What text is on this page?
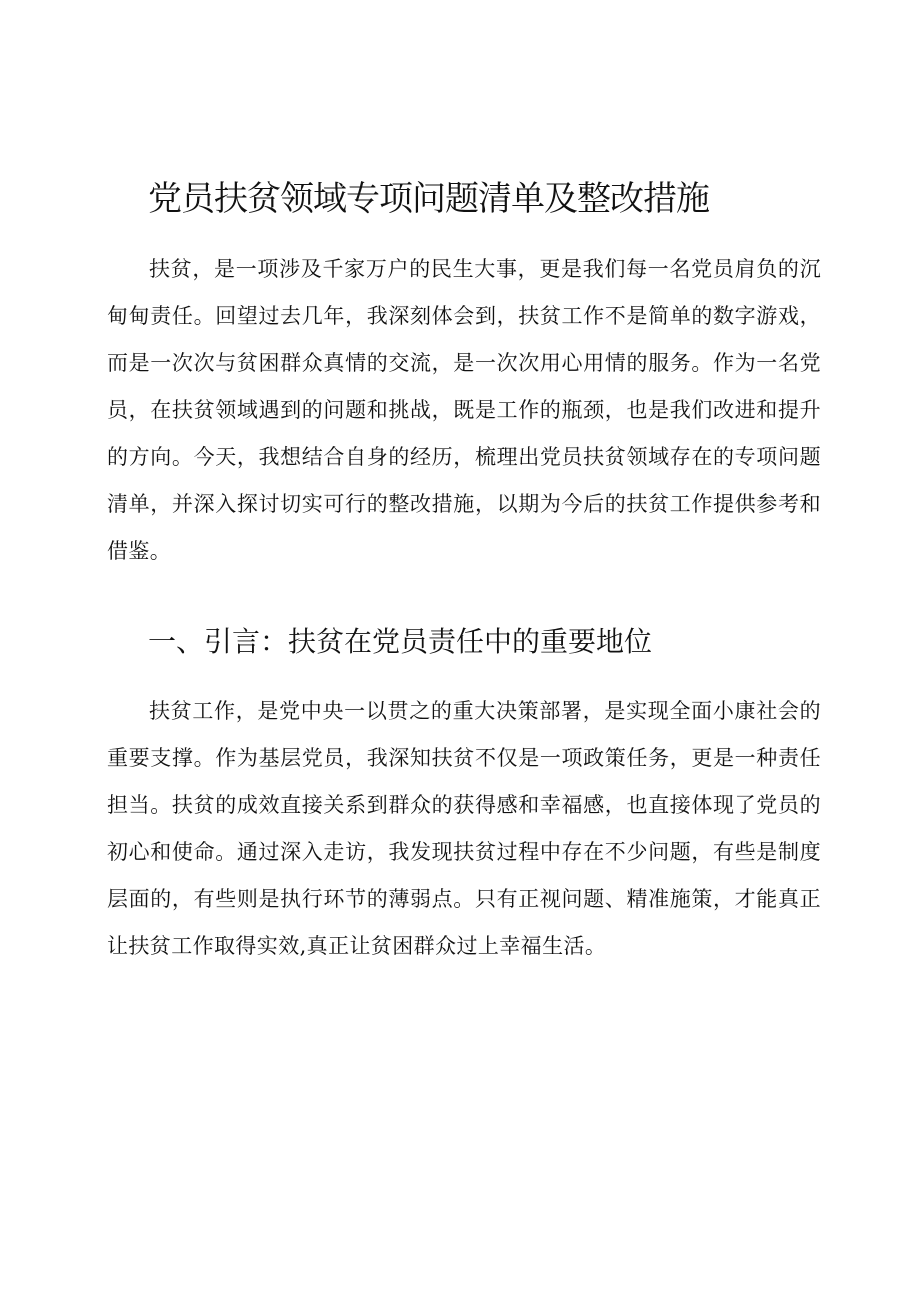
党员扶贫领域专项问题清单及整改措施

扶贫，是一项涉及千家万户的民生大事，更是我们每一名党员肩负的沉甸甸责任。回望过去几年，我深刻体会到，扶贫工作不是简单的数字游戏，而是一次次与贫困群众真情的交流，是一次次用心用情的服务。作为一名党员，在扶贫领域遇到的问题和挑战，既是工作的瓶颈，也是我们改进和提升的方向。今天，我想结合自身的经历，梳理出党员扶贫领域存在的专项问题清单，并深入探讨切实可行的整改措施，以期为今后的扶贫工作提供参考和借鉴。

一、引言：扶贫在党员责任中的重要地位

扶贫工作，是党中央一以贯之的重大决策部署，是实现全面小康社会的重要支撑。作为基层党员，我深知扶贫不仅是一项政策任务，更是一种责任担当。扶贫的成效直接关系到群众的获得感和幸福感，也直接体现了党员的初心和使命。通过深入走访，我发现扶贫过程中存在不少问题，有些是制度层面的，有些则是执行环节的薄弱点。只有正视问题、精准施策，才能真正让扶贫工作取得实效,真正让贫困群众过上幸福生活。
